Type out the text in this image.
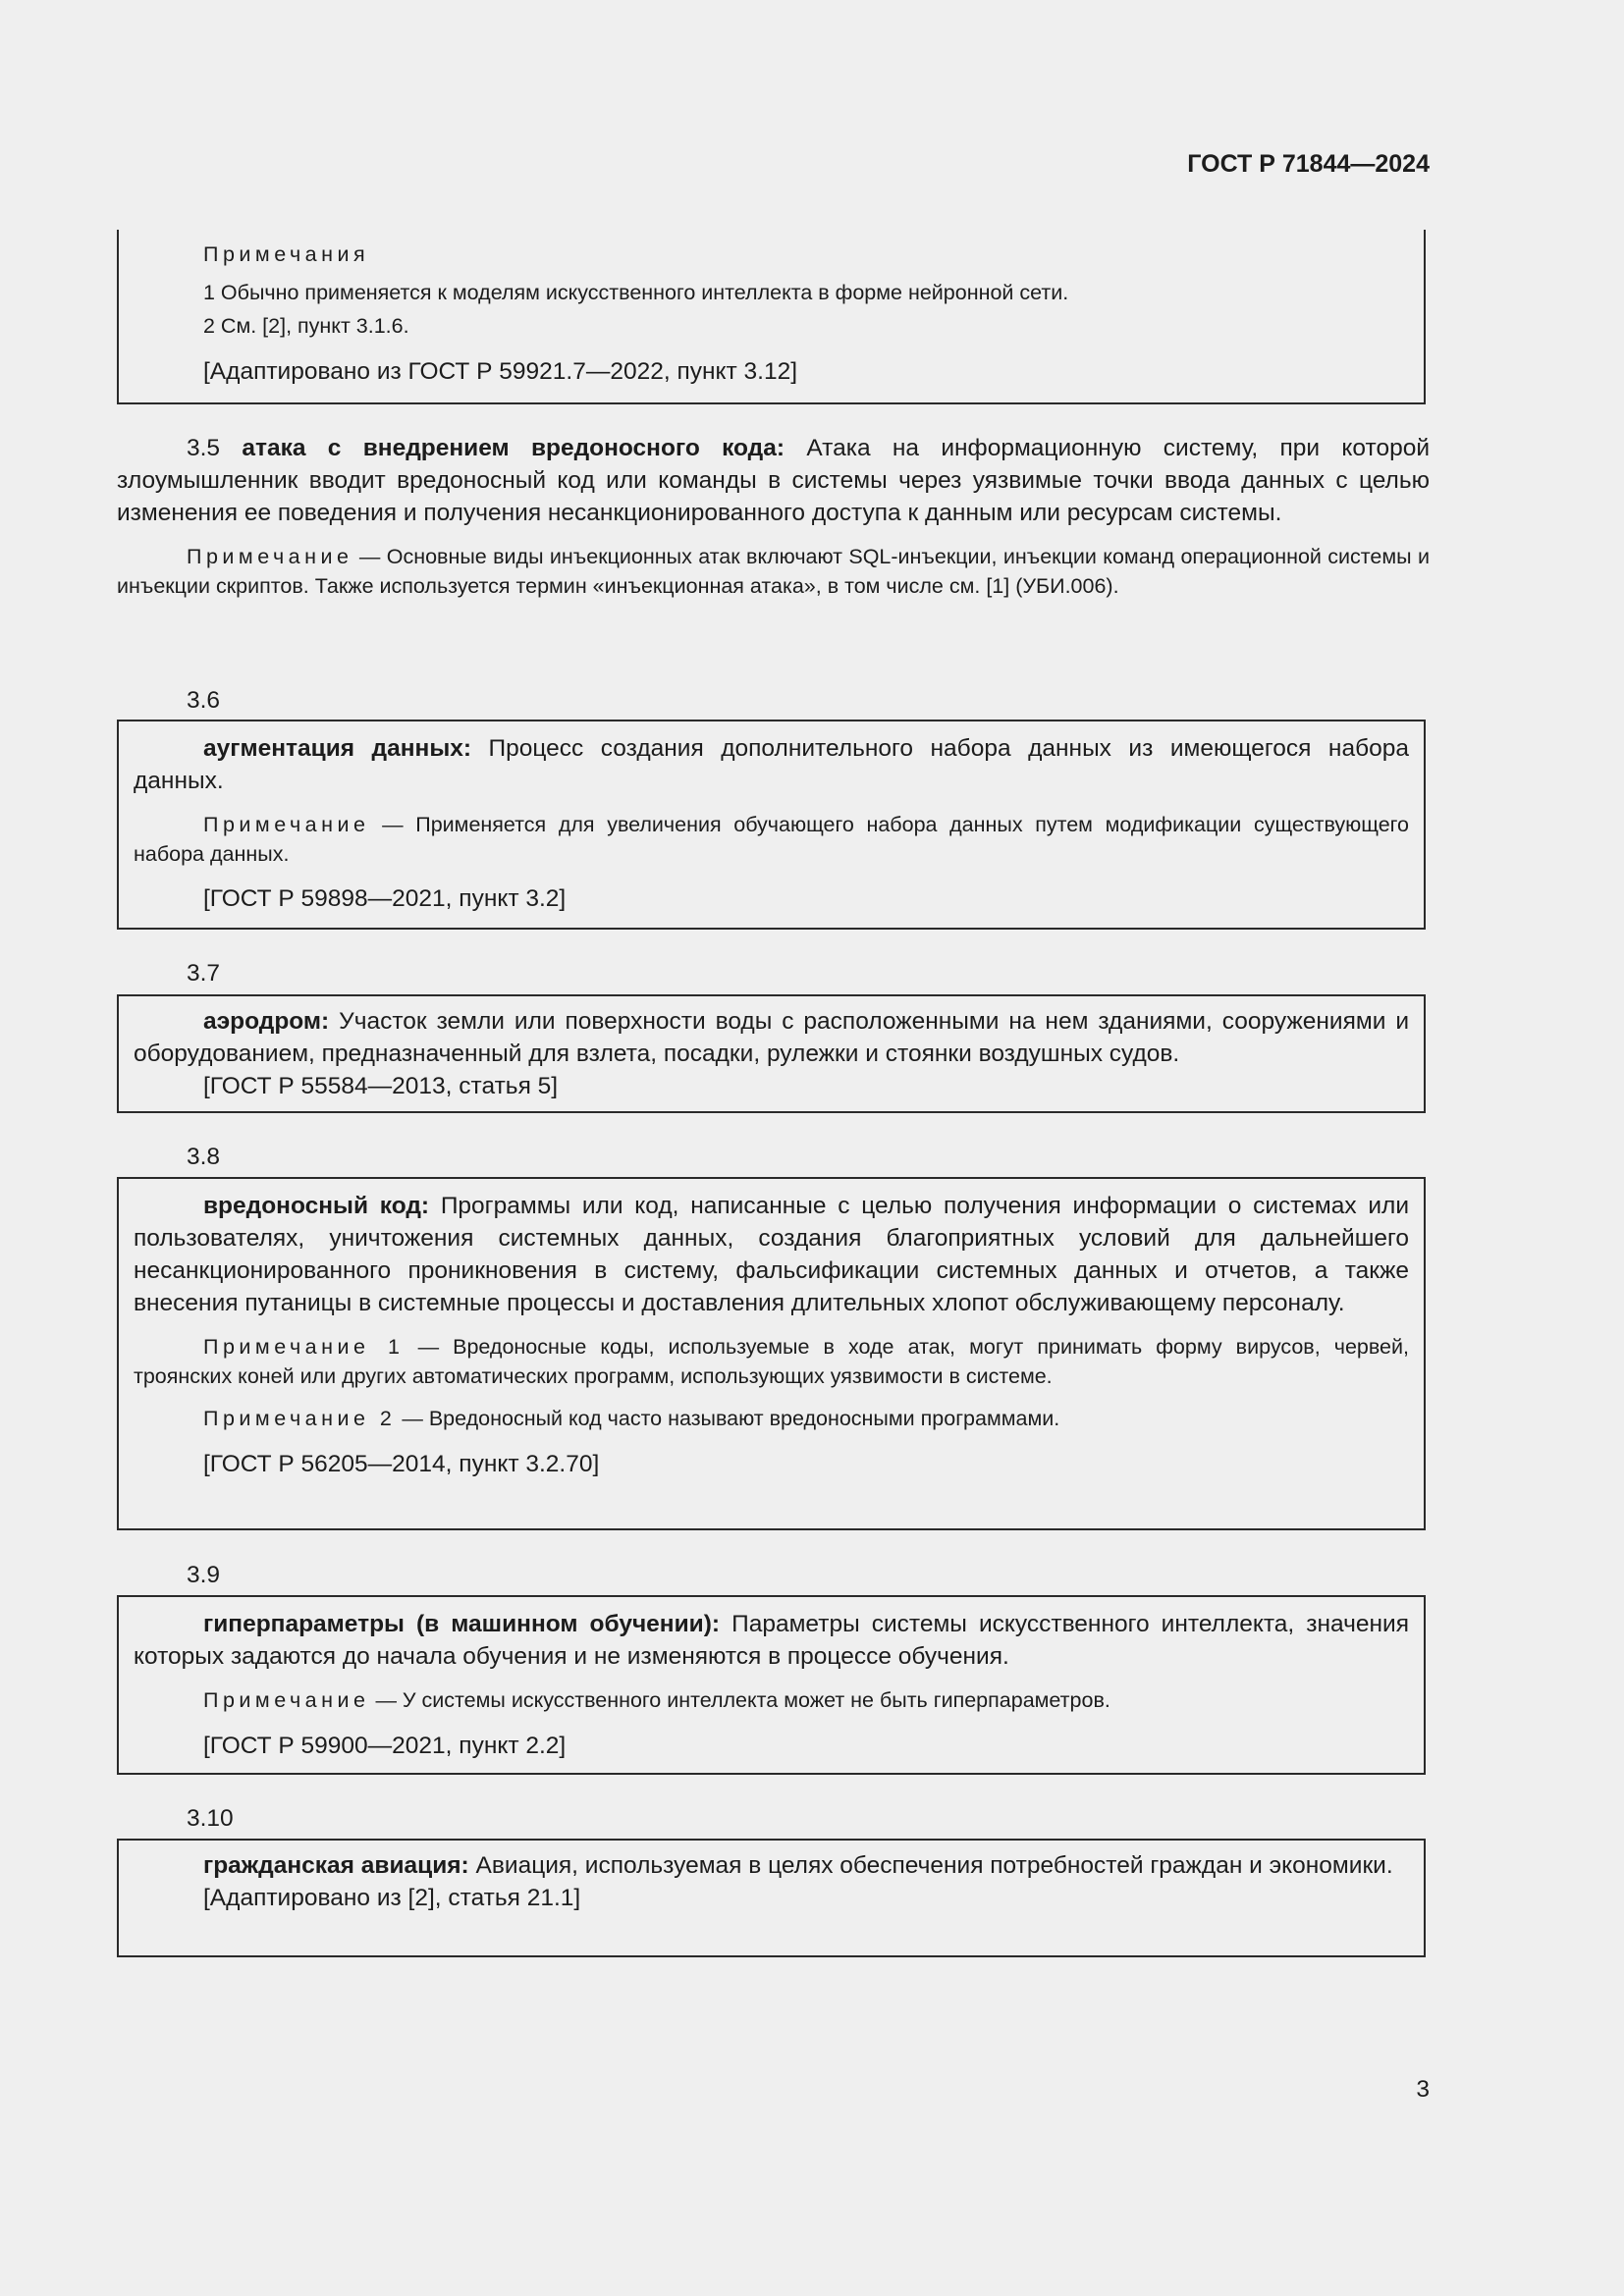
ГОСТ Р 71844—2024

Примечания

1 Обычно применяется к моделям искусственного интеллекта в форме нейронной сети.

2 См. [2], пункт 3.1.6.

[Адаптировано из ГОСТ Р 59921.7—2022, пункт 3.12]

3.5 атака с внедрением вредоносного кода: Атака на информационную систему, при которой злоумышленник вводит вредоносный код или команды в системы через уязвимые точки ввода данных с целью изменения ее поведения и получения несанкционированного доступа к данным или ресурсам системы.

Примечание — Основные виды инъекционных атак включают SQL-инъекции, инъекции команд операционной системы и инъекции скриптов. Также используется термин «инъекционная атака», в том числе см. [1] (УБИ.006).

3.6

аугментация данных: Процесс создания дополнительного набора данных из имеющегося набора данных.

Примечание — Применяется для увеличения обучающего набора данных путем модификации существующего набора данных.

[ГОСТ Р 59898—2021, пункт 3.2]

3.7

аэродром: Участок земли или поверхности воды с расположенными на нем зданиями, сооружениями и оборудованием, предназначенный для взлета, посадки, рулежки и стоянки воздушных судов.

[ГОСТ Р 55584—2013, статья 5]

3.8

вредоносный код: Программы или код, написанные с целью получения информации о системах или пользователях, уничтожения системных данных, создания благоприятных условий для дальнейшего несанкционированного проникновения в систему, фальсификации системных данных и отчетов, а также внесения путаницы в системные процессы и доставления длительных хлопот обслуживающему персоналу.

Примечание 1 — Вредоносные коды, используемые в ходе атак, могут принимать форму вирусов, червей, троянских коней или других автоматических программ, использующих уязвимости в системе.

Примечание 2 — Вредоносный код часто называют вредоносными программами.

[ГОСТ Р 56205—2014, пункт 3.2.70]

3.9

гиперпараметры (в машинном обучении): Параметры системы искусственного интеллекта, значения которых задаются до начала обучения и не изменяются в процессе обучения.

Примечание — У системы искусственного интеллекта может не быть гиперпараметров.

[ГОСТ Р 59900—2021, пункт 2.2]

3.10

гражданская авиация: Авиация, используемая в целях обеспечения потребностей граждан и экономики.

[Адаптировано из [2], статья 21.1]

3
